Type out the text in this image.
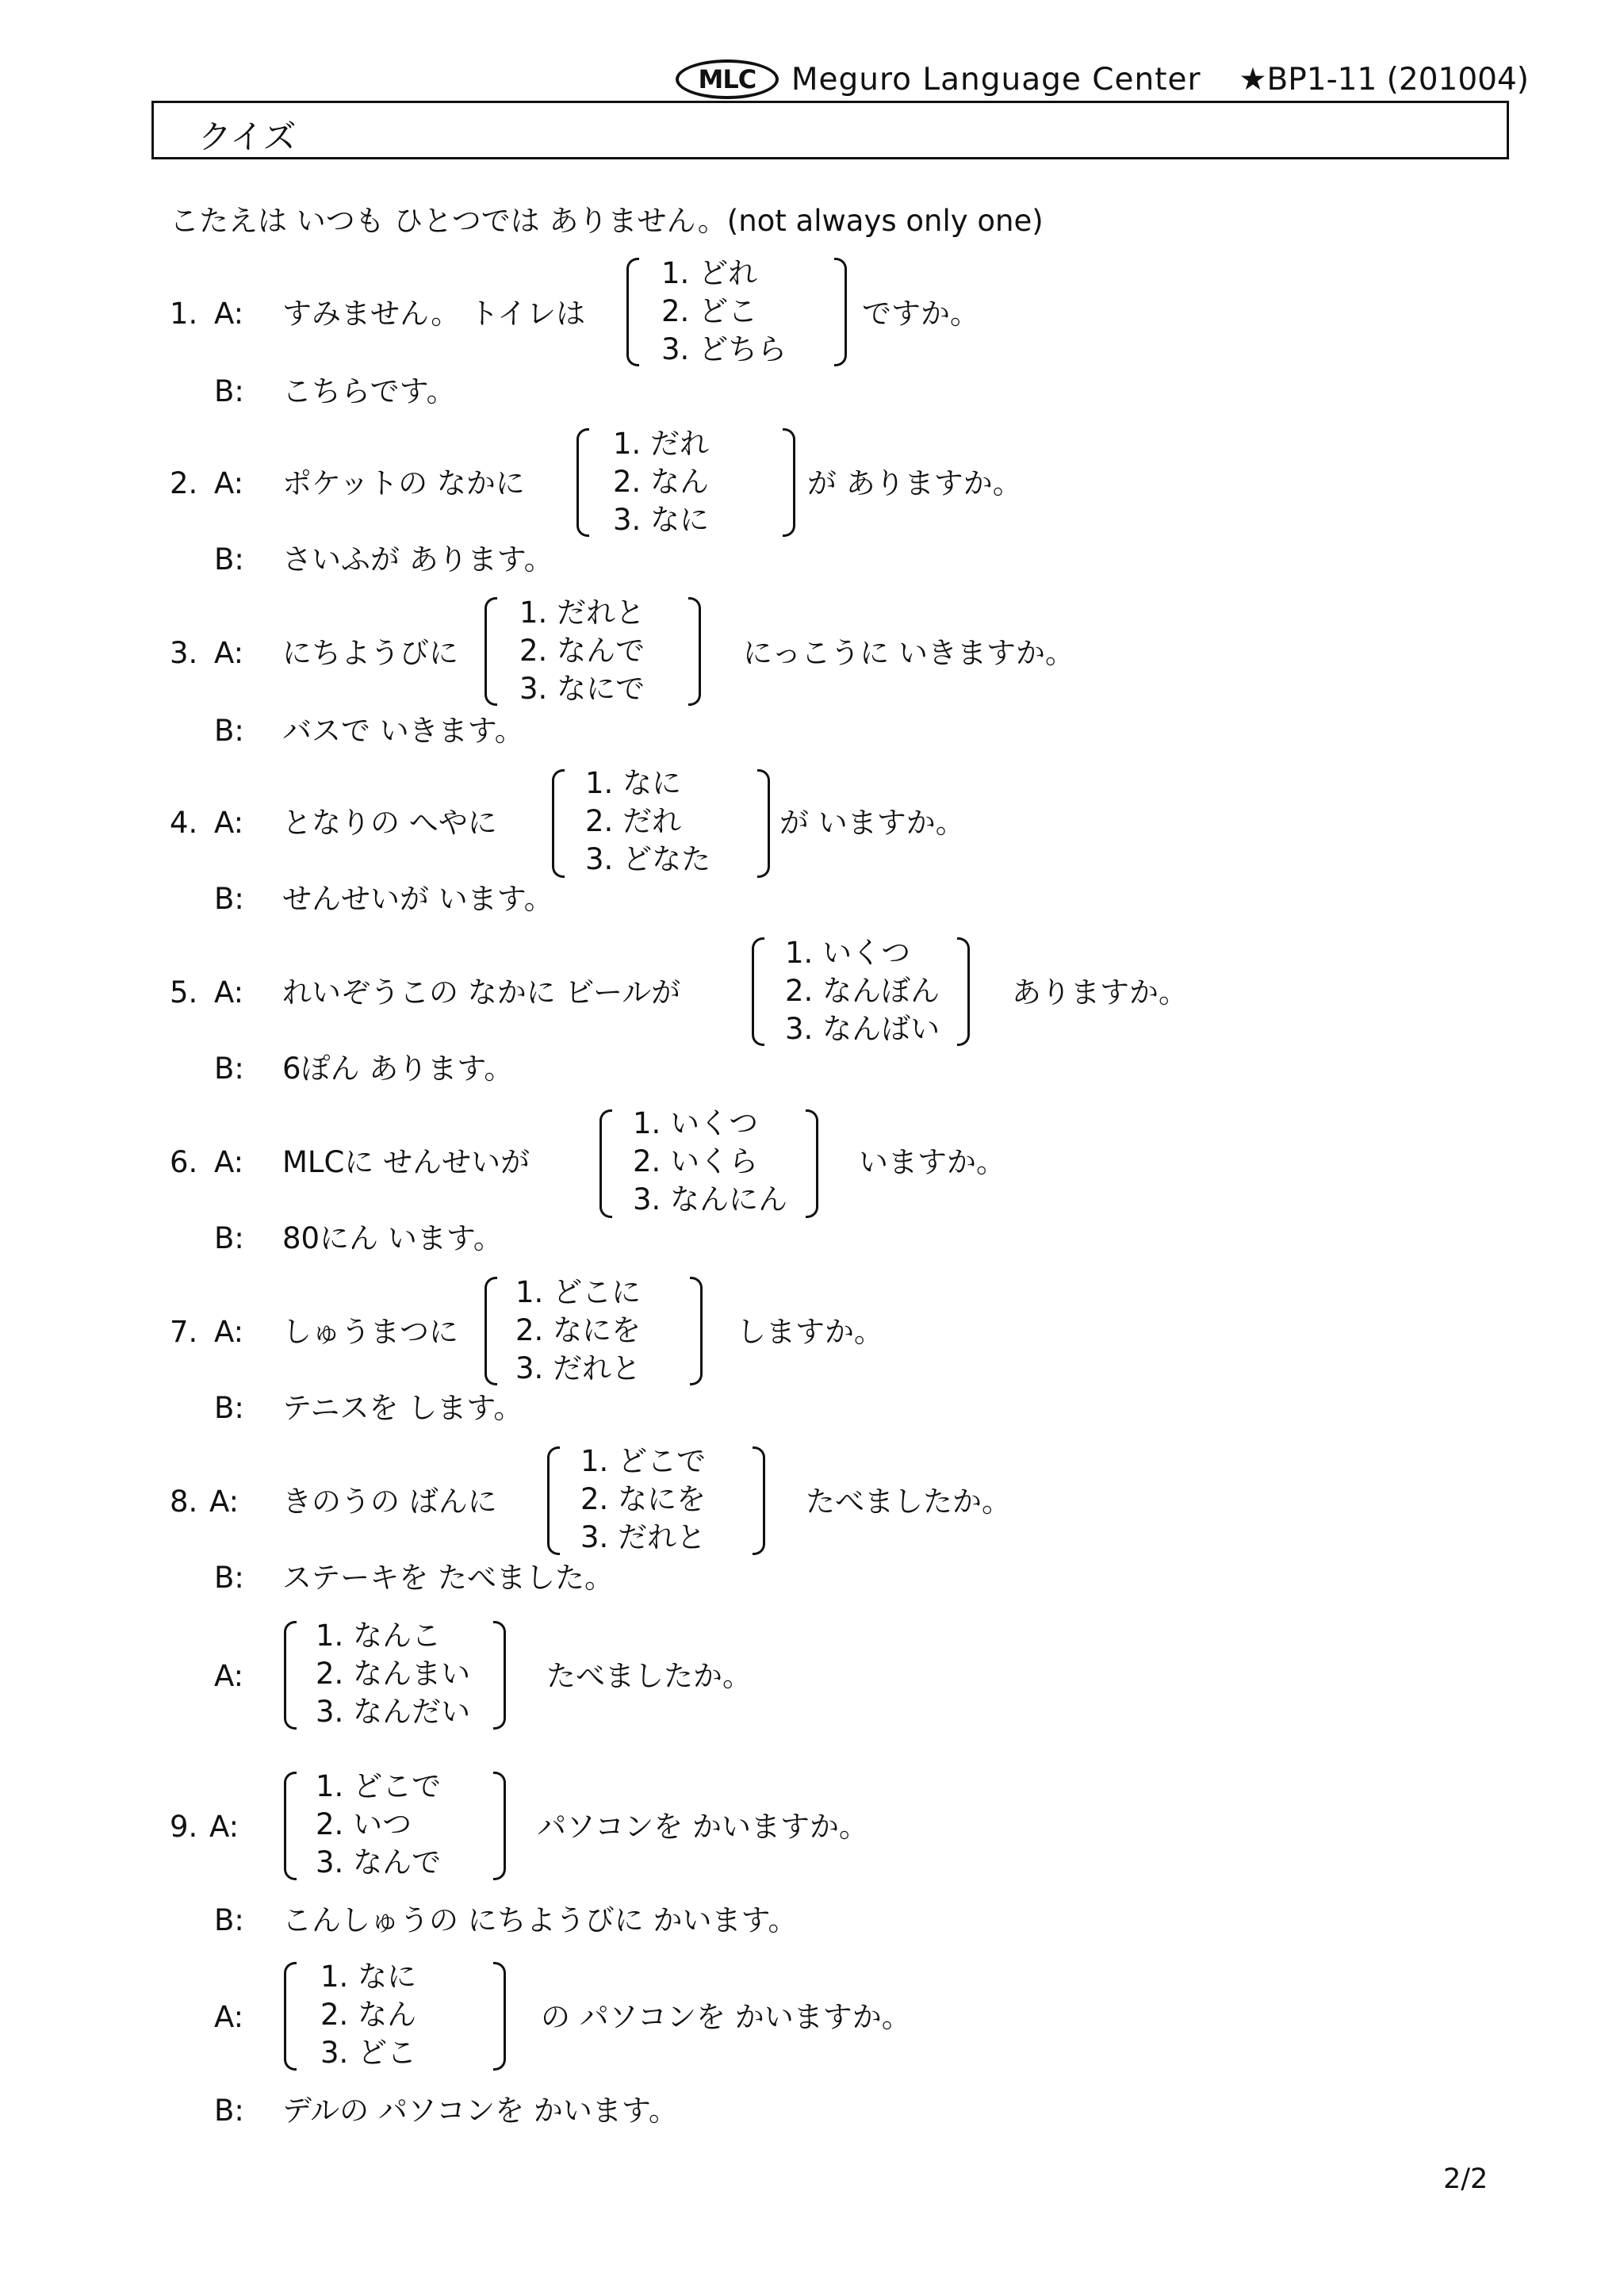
MLC	Meguro Language Center ★BP1-11 (201004)
クイズ
こたえは いつも ひとつでは ありません。(not always only one)
1. A: すみません。 トイレは
1. どれ
2. どこ
3. どちら
ですか。
B: こちらです。
2. A: ポケットの なかに
1. だれ
2. なん
3. なに
が ありますか。
B: さいふが あります。
3. A: にちようびに
1. だれと
2. なんで
3. なにで
にっこうに いきますか。
B: バスで いきます。
4. A: となりの へやに
1. なに
2. だれ
3. どなた
が いますか。
B: せんせいが います。
5. A: れいぞうこの なかに ビールが
1. いくつ
2. なんぼん
3. なんばい
ありますか。
B: 6ぽん あります。
6. A: MLCに せんせいが
1. いくつ
2. いくら
3. なんにん
いますか。
B: 80にん います。
7. A: しゅうまつに
1. どこに
2. なにを
3. だれと
しますか。
B: テニスを します。
8. A: きのうの ばんに
1. どこで
2. なにを
3. だれと
たべましたか。
B: ステーキを たべました。
A:
1. なんこ
2. なんまい
3. なんだい
たべましたか。
9. A:
1. どこで
2. いつ
3. なんで
パソコンを かいますか。
B: こんしゅうの にちようびに かいます。
A:
1. なに
2. なん
3. どこ
の パソコンを かいますか。
B: デルの パソコンを かいます。
2/2
